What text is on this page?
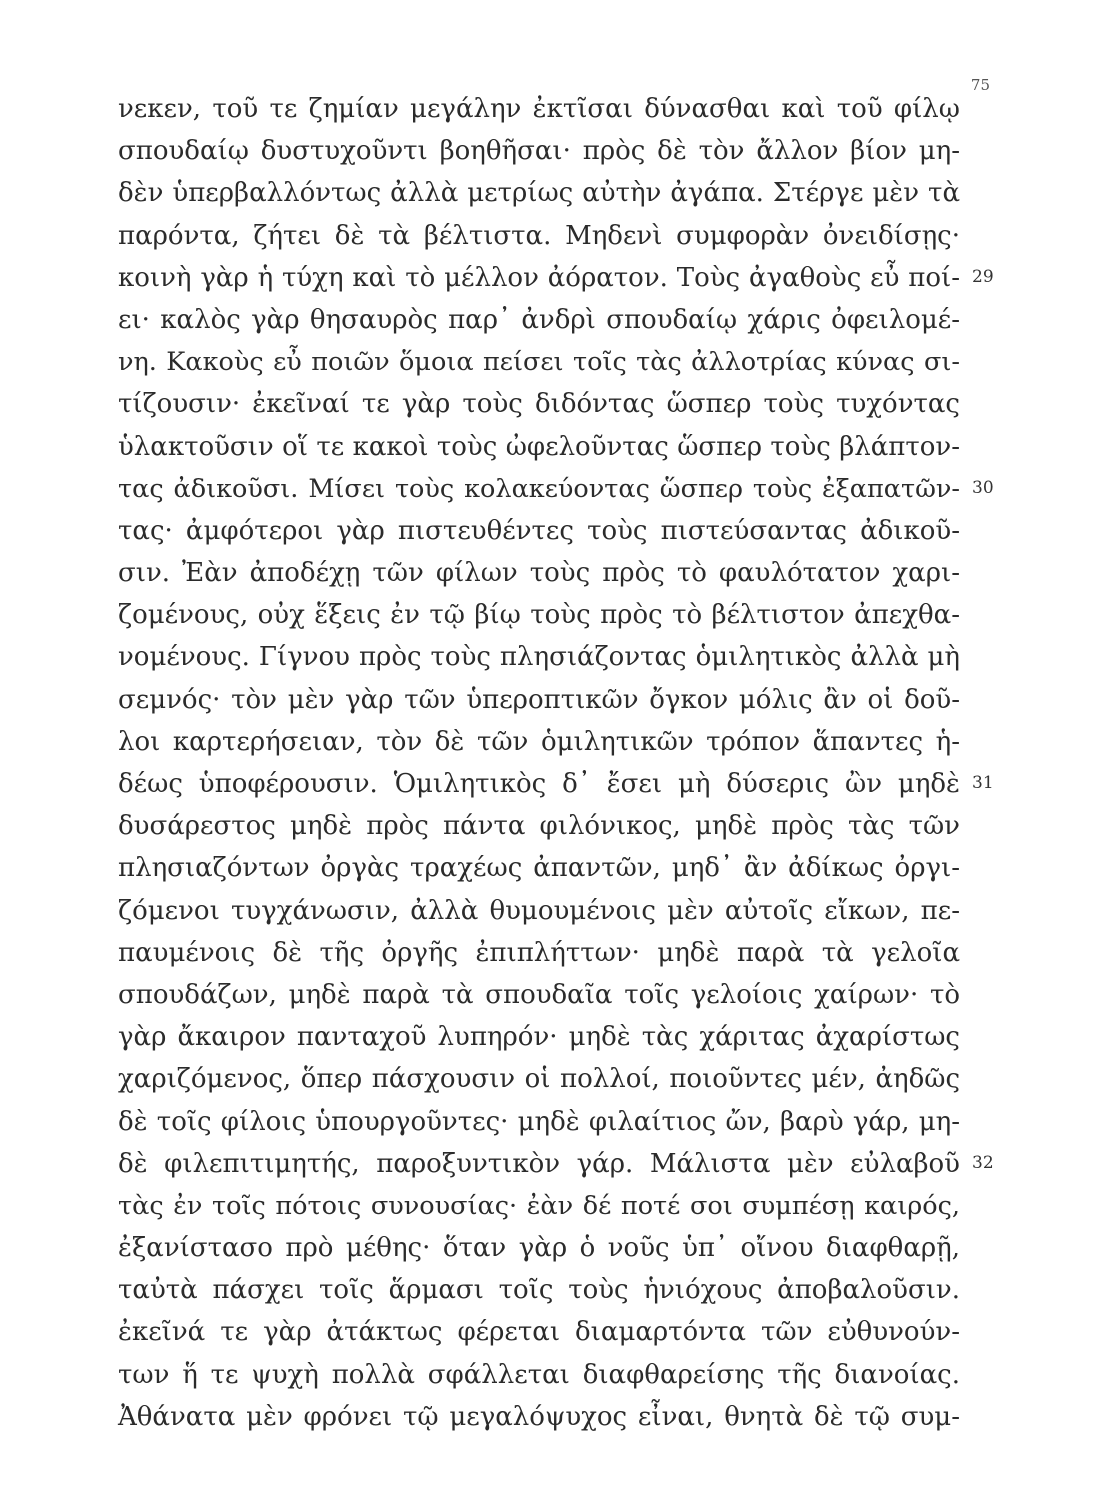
75
νεκεν, τοῦ τε ζημίαν μεγάλην ἐκτῖσαι δύνασθαι καὶ τοῦ φίλῳ
σπουδαίῳ δυστυχοῦντι βοηθῆσαι· πρὸς δὲ τὸν ἄλλον βίον μη-
δὲν ὑπερβαλλόντως ἀλλὰ μετρίως αὐτὴν ἀγάπα. Στέργε μὲν τὰ
παρόντα, ζήτει δὲ τὰ βέλτιστα. Μηδενὶ συμφορὰν ὀνειδίσῃς·
κοινὴ γὰρ ἡ τύχη καὶ τὸ μέλλον ἀόρατον. Τοὺς ἀγαθοὺς εὖ ποί-
ει· καλὸς γὰρ θησαυρὸς παρ᾽ ἀνδρὶ σπουδαίῳ χάρις ὀφειλομέ-
νη. Κακοὺς εὖ ποιῶν ὅμοια πείσει τοῖς τὰς ἀλλοτρίας κύνας σι-
τίζουσιν· ἐκεῖναί τε γὰρ τοὺς διδόντας ὥσπερ τοὺς τυχόντας
ὑλακτοῦσιν οἵ τε κακοὶ τοὺς ὠφελοῦντας ὥσπερ τοὺς βλάπτον-
τας ἀδικοῦσι. Μίσει τοὺς κολακεύοντας ὥσπερ τοὺς ἐξαπατῶν-
τας· ἀμφότεροι γὰρ πιστευθέντες τοὺς πιστεύσαντας ἀδικοῦ-
σιν. Ἐὰν ἀποδέχῃ τῶν φίλων τοὺς πρὸς τὸ φαυλότατον χαρι-
ζομένους, οὐχ ἕξεις ἐν τῷ βίῳ τοὺς πρὸς τὸ βέλτιστον ἀπεχθα-
νομένους. Γίγνου πρὸς τοὺς πλησιάζοντας ὁμιλητικὸς ἀλλὰ μὴ
σεμνός· τὸν μὲν γὰρ τῶν ὑπεροπτικῶν ὄγκον μόλις ἂν οἱ δοῦ-
λοι καρτερήσειαν, τὸν δὲ τῶν ὁμιλητικῶν τρόπον ἅπαντες ἡ-
δέως ὑποφέρουσιν. Ὁμιλητικὸς δ᾽ ἔσει μὴ δύσερις ὢν μηδὲ
δυσάρεστος μηδὲ πρὸς πάντα φιλόνικος, μηδὲ πρὸς τὰς τῶν
πλησιαζόντων ὀργὰς τραχέως ἀπαντῶν, μηδ᾽ ἂν ἀδίκως ὀργι-
ζόμενοι τυγχάνωσιν, ἀλλὰ θυμουμένοις μὲν αὐτοῖς εἴκων, πε-
παυμένοις δὲ τῆς ὀργῆς ἐπιπλήττων· μηδὲ παρὰ τὰ γελοῖα
σπουδάζων, μηδὲ παρὰ τὰ σπουδαῖα τοῖς γελοίοις χαίρων· τὸ
γὰρ ἄκαιρον πανταχοῦ λυπηρόν· μηδὲ τὰς χάριτας ἀχαρίστως
χαριζόμενος, ὅπερ πάσχουσιν οἱ πολλοί, ποιοῦντες μέν, ἀηδῶς
δὲ τοῖς φίλοις ὑπουργοῦντες· μηδὲ φιλαίτιος ὤν, βαρὺ γάρ, μη-
δὲ φιλεπιτιμητής, παροξυντικὸν γάρ. Μάλιστα μὲν εὐλαβοῦ
τὰς ἐν τοῖς πότοις συνουσίας· ἐὰν δέ ποτέ σοι συμπέσῃ καιρός,
ἐξανίστασο πρὸ μέθης· ὅταν γὰρ ὁ νοῦς ὑπ᾽ οἴνου διαφθαρῇ,
ταὐτὰ πάσχει τοῖς ἅρμασι τοῖς τοὺς ἡνιόχους ἀποβαλοῦσιν.
ἐκεῖνά τε γὰρ ἀτάκτως φέρεται διαμαρτόντα τῶν εὐθυνούν-
των ἥ τε ψυχὴ πολλὰ σφάλλεται διαφθαρείσης τῆς διανοίας.
Ἀθάνατα μὲν φρόνει τῷ μεγαλόψυχος εἶναι, θνητὰ δὲ τῷ συμ-
29
30
31
32
